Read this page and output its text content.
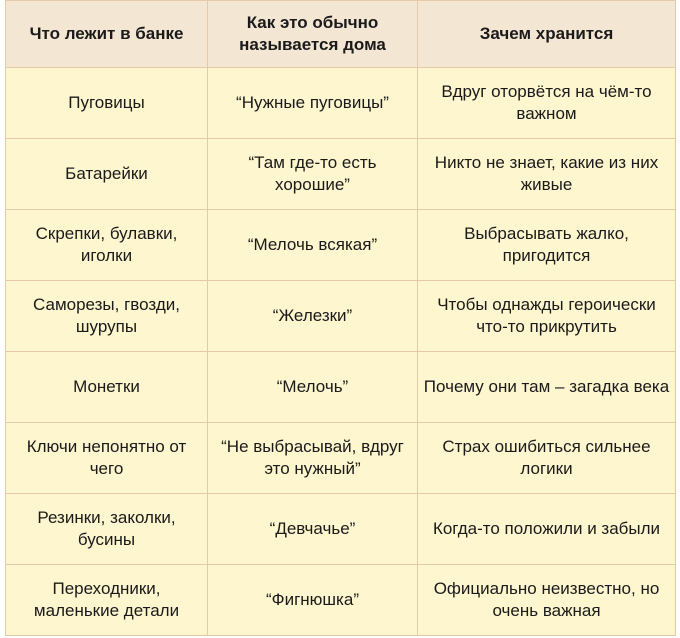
Что лежит в банке	Как это обычно называется дома	Зачем хранится
Пуговицы	“Нужные пуговицы”	Вдруг оторвётся на чём-то важном
Батарейки	“Там где-то есть хорошие”	Никто не знает, какие из них живые
Скрепки, булавки, иголки	“Мелочь всякая”	Выбрасывать жалко, пригодится
Саморезы, гвозди, шурупы	“Железки”	Чтобы однажды героически что-то прикрутить
Монетки	“Мелочь”	Почему они там – загадка века
Ключи непонятно от чего	“Не выбрасывай, вдруг это нужный”	Страх ошибиться сильнее логики
Резинки, заколки, бусины	“Девчачье”	Когда-то положили и забыли
Переходники, маленькие детали	“Фигнюшка”	Официально неизвестно, но очень важная
